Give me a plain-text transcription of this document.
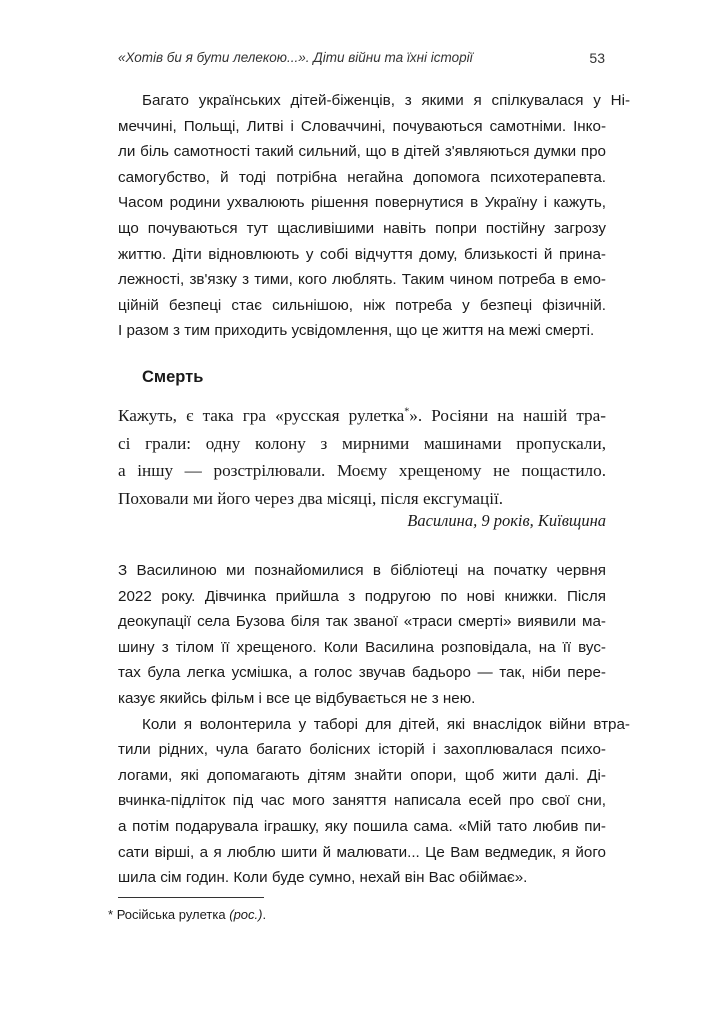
«Хотів би я бути лелекою...». Діти війни та їхні історії	53
Багато українських дітей-біженців, з якими я спілкувалася у Ні-
меччині, Польщі, Литві і Словаччині, почуваються самотніми. Інко-
ли біль самотності такий сильний, що в дітей з'являються думки про
самогубство, й тоді потрібна негайна допомога психотерапевта.
Часом родини ухвалюють рішення повернутися в Україну і кажуть,
що почуваються тут щасливішими навіть попри постійну загрозу
життю. Діти відновлюють у собі відчуття дому, близькості й прина-
лежності, зв'язку з тими, кого люблять. Таким чином потреба в емо-
ційній безпеці стає сильнішою, ніж потреба у безпеці фізичній.
І разом з тим приходить усвідомлення, що це життя на межі смерті.
Смерть
Кажуть, є така гра «русская рулетка*». Росіяни на нашій тра-
сі грали: одну колону з мирними машинами пропускали,
а іншу — розстрілювали. Моєму хрещеному не пощастило.
Поховали ми його через два місяці, після ексгумації.
Василина, 9 років, Київщина
З Василиною ми познайомилися в бібліотеці на початку червня
2022 року. Дівчинка прийшла з подругою по нові книжки. Після
деокупації села Бузова біля так званої «траси смерті» виявили ма-
шину з тілом її хрещеного. Коли Василина розповідала, на її вус-
тах була легка усмішка, а голос звучав бадьоро — так, ніби пере-
казує якийсь фільм і все це відбувається не з нею.
Коли я волонтерила у таборі для дітей, які внаслідок війни втра-
тили рідних, чула багато болісних історій і захоплювалася психо-
логами, які допомагають дітям знайти опори, щоб жити далі. Ді-
вчинка-підліток під час мого заняття написала есей про свої сни,
а потім подарувала іграшку, яку пошила сама. «Мій тато любив пи-
сати вірші, а я люблю шити й малювати... Це Вам ведмедик, я його
шила сім годин. Коли буде сумно, нехай він Вас обіймає».
* Російська рулетка (рос.).
